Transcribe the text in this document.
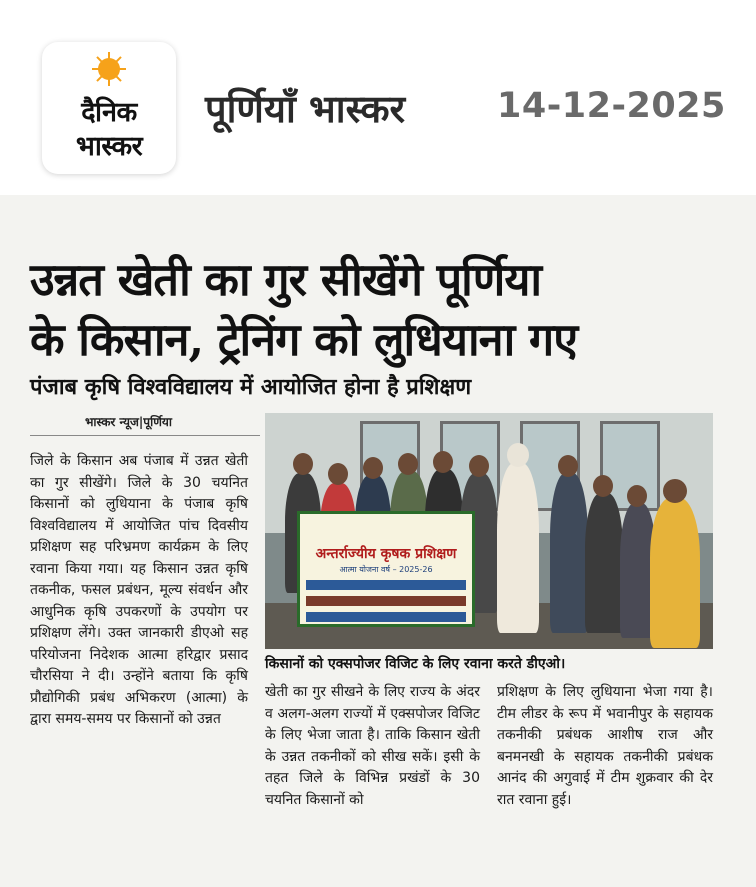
दैनिक
भास्कर
पूर्णियाँ भास्कर	14-12-2025
उन्नत खेती का गुर सीखेंगे पूर्णिया
के किसान, ट्रेनिंग को लुधियाना गए
पंजाब कृषि विश्वविद्यालय में आयोजित होना है प्रशिक्षण
भास्कर न्यूज|पूर्णिया

जिले के किसान अब पंजाब में उन्नत खेती का गुर सीखेंगे। जिले के 30 चयनित किसानों को लुधियाना के पंजाब कृषि विश्वविद्यालय में आयोजित पांच दिवसीय प्रशिक्षण सह परिभ्रमण कार्यक्रम के लिए रवाना किया गया। यह किसान उन्नत कृषि तकनीक, फसल प्रबंधन, मूल्य संवर्धन और आधुनिक कृषि उपकरणों के उपयोग पर प्रशिक्षण लेंगे। उक्त जानकारी डीएओ सह परियोजना निदेशक आत्मा हरिद्वार प्रसाद चौरसिया ने दी। उन्होंने बताया कि कृषि प्रौद्योगिकी प्रबंध अभिकरण (आत्मा) के द्वारा समय-समय पर किसानों को उन्नत

अन्तर्राज्यीय कृषक प्रशिक्षण
आत्मा योजना वर्ष – 2025-26
किसानों को एक्सपोजर विजिट के लिए रवाना करते डीएओ।

खेती का गुर सीखने के लिए राज्य के अंदर व अलग-अलग राज्यों में एक्सपोजर विजिट के लिए भेजा जाता है। ताकि किसान खेती के उन्नत तकनीकों को सीख सकें। इसी के तहत जिले के विभिन्न प्रखंडों के 30 चयनित किसानों को

प्रशिक्षण के लिए लुधियाना भेजा गया है। टीम लीडर के रूप में भवानीपुर के सहायक तकनीकी प्रबंधक आशीष राज और बनमनखी के सहायक तकनीकी प्रबंधक आनंद की अगुवाई में टीम शुक्रवार की देर रात रवाना हुई।
